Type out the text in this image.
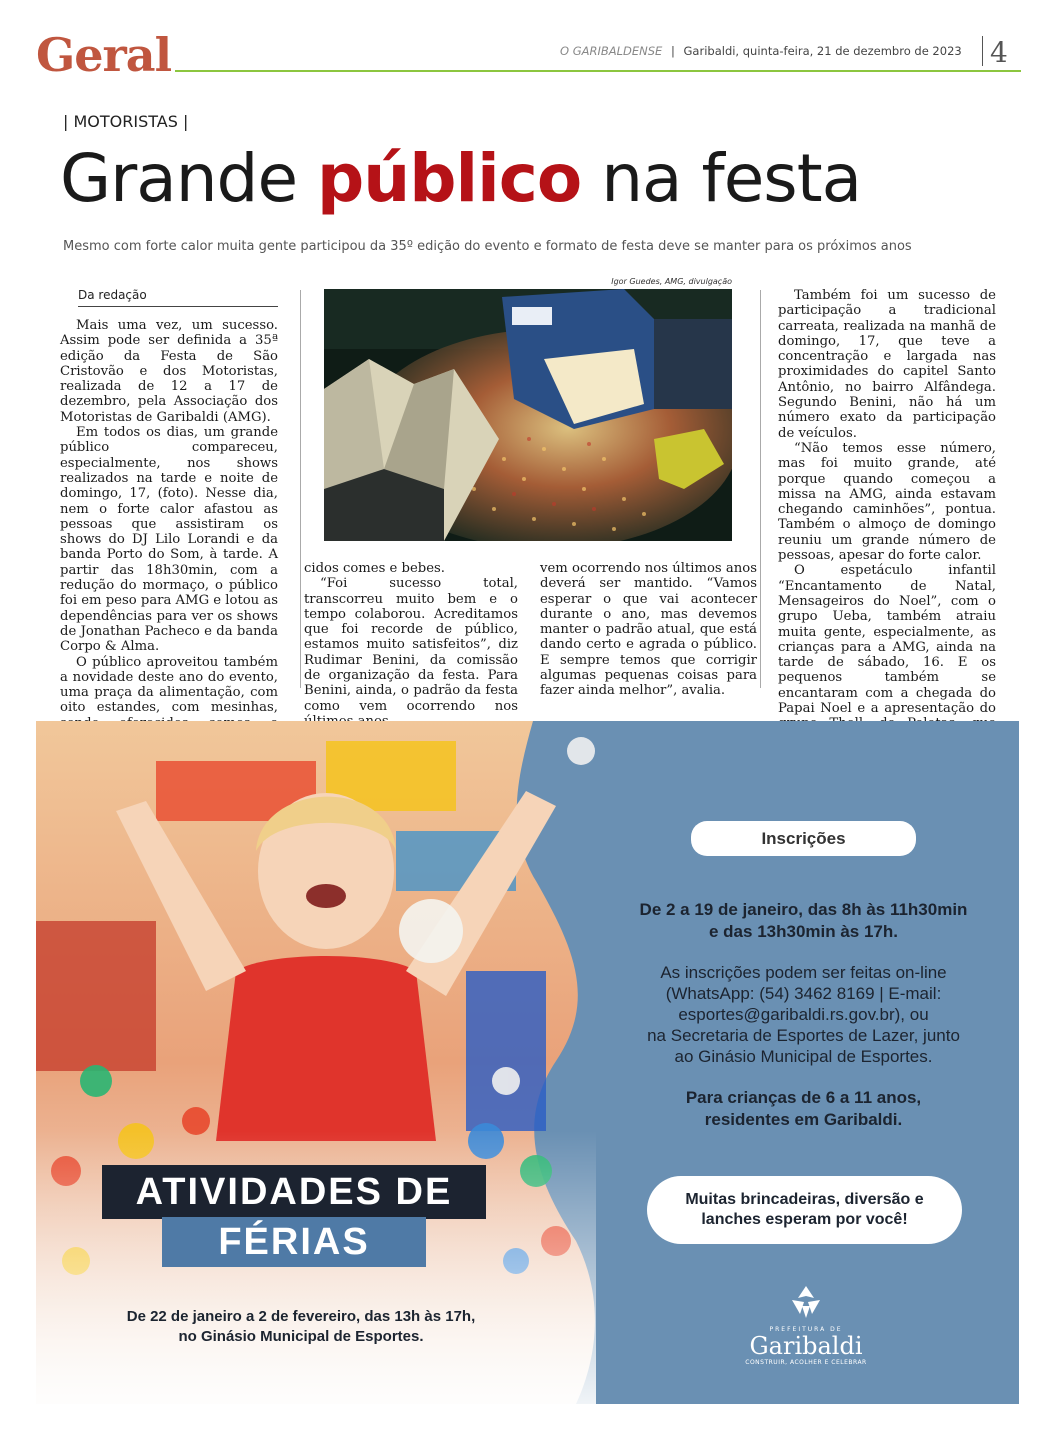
Geral	O GARIBALDENSE | Garibaldi, quinta-feira, 21 de dezembro de 2023 4
| MOTORISTAS |
Grande público na festa
Mesmo com forte calor muita gente participou da 35º edição do evento e formato de festa deve se manter para os próximos anos
Da redação

Mais uma vez, um sucesso. Assim pode ser definida a 35ª edição da Festa de São Cristovão e dos Motoristas, realizada de 12 a 17 de dezembro, pela Associação dos Motoristas de Garibaldi (AMG).

Em todos os dias, um grande público compareceu, especialmente, nos shows realizados na tarde e noite de domingo, 17, (foto). Nesse dia, nem o forte calor afastou as pessoas que assistiram os shows do DJ Lilo Lorandi e da banda Porto do Som, à tarde. A partir das 18h30min, com a redução do mormaço, o público foi em peso para AMG e lotou as dependências para ver os shows de Jonathan Pacheco e da banda Corpo & Alma.

O público aproveitou também a novidade deste ano do evento, uma praça da alimentação, com oito estandes, com mesinhas,

Igor Guedes, AMG, divulgação
cidos comes e bebes.

“Foi sucesso total, transcorreu muito bem e o tempo colaborou. Acreditamos que foi recorde de público, estamos muito satisfeitos”, diz Rudimar Benini, da comissão de organização da festa. Para Benini, ainda, o padrão da festa como vem ocorrendo nos

vem ocorrendo nos últimos anos deverá ser mantido. “Vamos esperar o que vai acontecer durante o ano, mas devemos manter o padrão atual, que está dando certo e agrada o público. E sempre temos que corrigir algumas pequenas coisas para fazer ainda melhor”, avalia.

Também foi um sucesso de participação a tradicional carreata, realizada na manhã de domingo, 17, que teve a concentração e largada nas proximidades do capitel Santo Antônio, no bairro Alfândega. Segundo Benini, não há um número exato da participação de veículos.

“Não temos esse número, mas foi muito grande, até porque quando começou a missa na AMG, ainda estavam chegando caminhões”, pontua. Também o almoço de domingo reuniu um grande número de pessoas, apesar do forte calor.

O espetáculo infantil “Encantamento de Natal, Mensageiros do Noel”, com o grupo Ueba, também atraiu muita gente, especialmente, as crianças para a AMG, ainda na tarde de sábado, 16. E os pequenos também se encantaram com a chegada do Papai Noel e a apresentação do

ATIVIDADES DE
FÉRIAS
De 22 de janeiro a 2 de fevereiro, das 13h às 17h,
no Ginásio Municipal de Esportes.
Inscrições
De 2 a 19 de janeiro, das 8h às 11h30min
e das 13h30min às 17h.
As inscrições podem ser feitas on-line
(WhatsApp: (54) 3462 8169 | E-mail:
esportes@garibaldi.rs.gov.br), ou
na Secretaria de Esportes de Lazer, junto
ao Ginásio Municipal de Esportes.
Para crianças de 6 a 11 anos,
residentes em Garibaldi.
Muitas brincadeiras, diversão e
lanches esperam por você!
PREFEITURA DE
Garibaldi
CONSTRUIR, ACOLHER E CELEBRAR
